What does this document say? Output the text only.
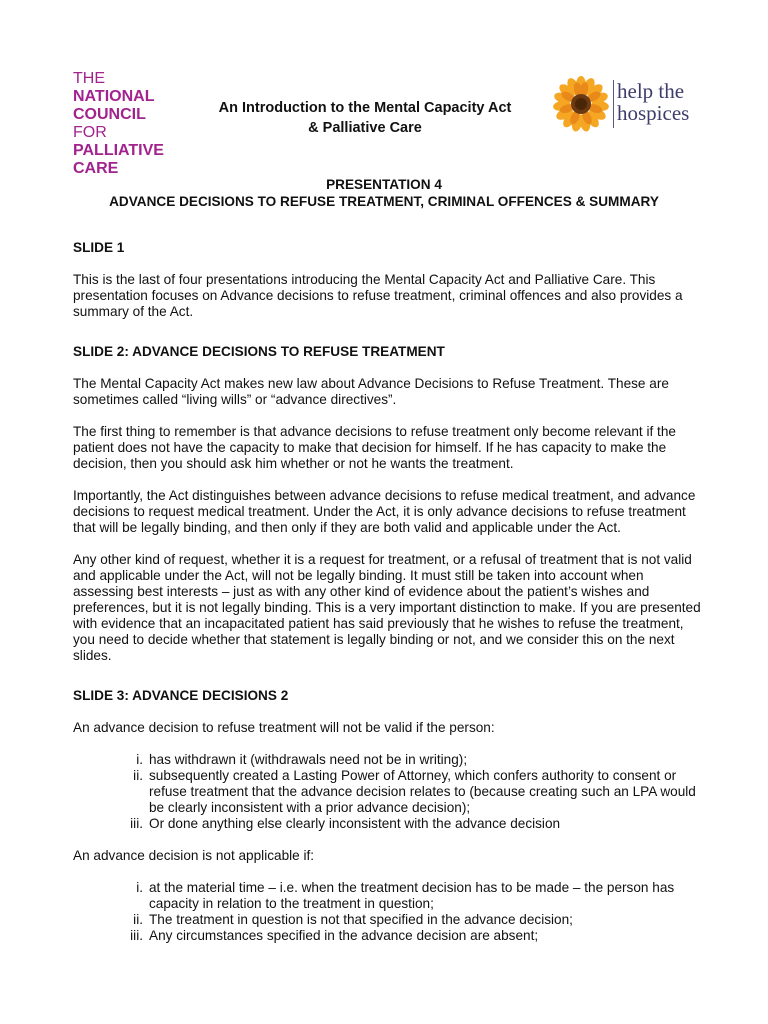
THE
NATIONAL
COUNCIL FOR
PALLIATIVE
CARE
An Introduction to the Mental Capacity Act
& Palliative Care
help the
hospices
PRESENTATION 4
ADVANCE DECISIONS TO REFUSE TREATMENT, CRIMINAL OFFENCES & SUMMARY
SLIDE 1

This is the last of four presentations introducing the Mental Capacity Act and Palliative Care. This presentation focuses on Advance decisions to refuse treatment, criminal offences and also provides a summary of the Act.

SLIDE 2: ADVANCE DECISIONS TO REFUSE TREATMENT

The Mental Capacity Act makes new law about Advance Decisions to Refuse Treatment. These are sometimes called “living wills” or “advance directives”.

The first thing to remember is that advance decisions to refuse treatment only become relevant if the patient does not have the capacity to make that decision for himself. If he has capacity to make the decision, then you should ask him whether or not he wants the treatment.

Importantly, the Act distinguishes between advance decisions to refuse medical treatment, and advance decisions to request medical treatment. Under the Act, it is only advance decisions to refuse treatment that will be legally binding, and then only if they are both valid and applicable under the Act.

Any other kind of request, whether it is a request for treatment, or a refusal of treatment that is not valid and applicable under the Act, will not be legally binding. It must still be taken into account when assessing best interests – just as with any other kind of evidence about the patient’s wishes and preferences, but it is not legally binding. This is a very important distinction to make. If you are presented with evidence that an incapacitated patient has said previously that he wishes to refuse the treatment, you need to decide whether that statement is legally binding or not, and we consider this on the next slides.

SLIDE 3: ADVANCE DECISIONS 2

An advance decision to refuse treatment will not be valid if the person:

i. has withdrawn it (withdrawals need not be in writing);
ii. subsequently created a Lasting Power of Attorney, which confers authority to consent or refuse treatment that the advance decision relates to (because creating such an LPA would be clearly inconsistent with a prior advance decision);
iii. Or done anything else clearly inconsistent with the advance decision

An advance decision is not applicable if:

i. at the material time – i.e. when the treatment decision has to be made – the person has capacity in relation to the treatment in question;
ii. The treatment in question is not that specified in the advance decision;
iii. Any circumstances specified in the advance decision are absent;
